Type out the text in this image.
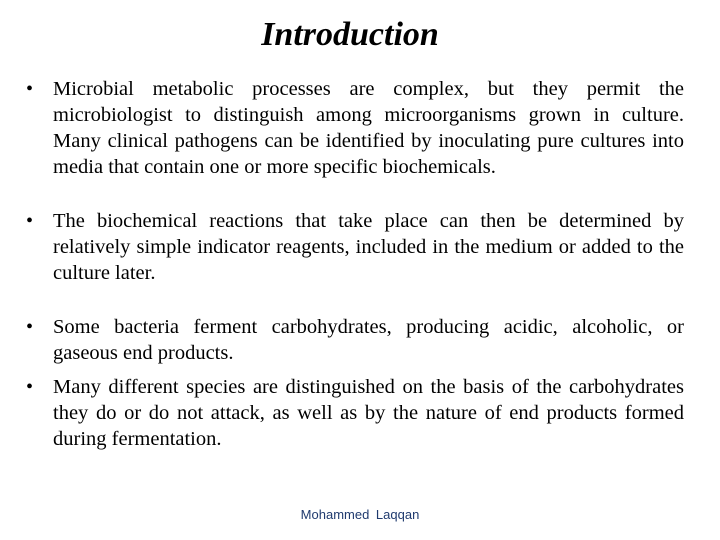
Introduction
• Microbial metabolic processes are complex, but they permit the microbiologist to distinguish among microorganisms grown in culture. Many clinical pathogens can be identified by inoculating pure cultures into media that contain one or more specific biochemicals.
• The biochemical reactions that take place can then be determined by relatively simple indicator reagents, included in the medium or added to the culture later.
• Some bacteria ferment carbohydrates, producing acidic, alcoholic, or gaseous end products.
• Many different species are distinguished on the basis of the carbohydrates they do or do not attack, as well as by the nature of end products formed during fermentation.
Mohammed Laqqan
